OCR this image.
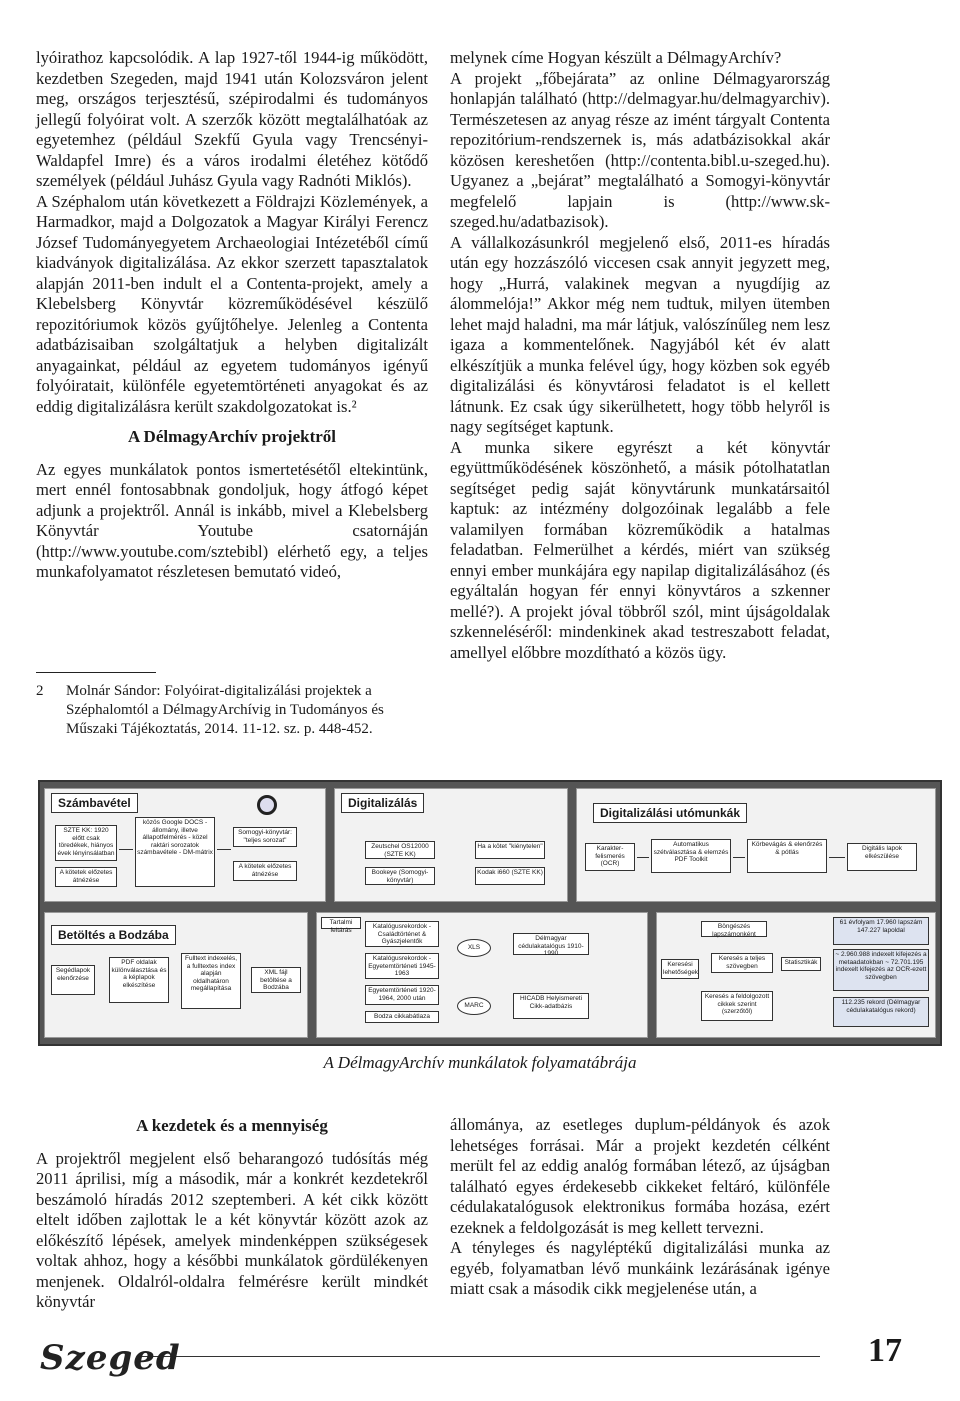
lyóirathoz kapcsolódik. A lap 1927-től 1944-ig működött, kezdetben Szegeden, majd 1941 után Kolozsváron jelent meg, országos terjesztésű, szépirodalmi és tudományos jellegű folyóirat volt. A szerzők között megtalálhatóak az egyetemhez (például Szekfű Gyula vagy Trencsényi-Waldapfel Imre) és a város irodalmi életéhez kötődő személyek (például Juhász Gyula vagy Radnóti Miklós).

A Széphalom után következett a Földrajzi Közlemények, a Harmadkor, majd a Dolgozatok a Magyar Királyi Ferencz József Tudományegyetem Archaeologiai Intézetéből című kiadványok digitalizálása. Az ekkor szerzett tapasztalatok alapján 2011-ben indult el a Contenta-projekt, amely a Klebelsberg Könyvtár közreműködésével készülő repozitóriumok közös gyűjtőhelye. Jelenleg a Contenta adatbázisaiban szolgáltatjuk a helyben digitalizált anyagainkat, például az egyetem tudományos igényű folyóiratait, különféle egyetemtörténeti anyagokat és az eddig digitalizálásra került szakdolgozatokat is.²

A DélmagyArchív projektről

Az egyes munkálatok pontos ismertetésétől eltekintünk, mert ennél fontosabbnak gondoljuk, hogy átfogó képet adjunk a projektről. Annál is inkább, mivel a Klebelsberg Könyvtár Youtube csatornáján (http://www.youtube.com/sztebibl) elérhető egy, a teljes munkafolyamatot részletesen bemutató videó,

2 Molnár Sándor: Folyóirat-digitalizálási projektek a Széphalomtól a DélmagyArchívig in Tudományos és Műszaki Tájékoztatás, 2014. 11-12. sz. p. 448-452.

melynek címe Hogyan készült a DélmagyArchív?

A projekt „főbejárata” az online Délmagyarország honlapján található (http://delmagyar.hu/delmagyarchiv). Természetesen az anyag része az imént tárgyalt Contenta repozitórium-rendszernek is, más adatbázisokkal akár közösen kereshetően (http://contenta.bibl.u-szeged.hu). Ugyanez a „bejárat” megtalálható a Somogyi-könyvtár megfelelő lapjain is (http://www.sk-szeged.hu/adatbazisok).

A vállalkozásunkról megjelenő első, 2011-es híradás után egy hozzászóló viccesen csak annyit jegyzett meg, hogy „Hurrá, valakinek megvan a nyugdíjig az álommelója!” Akkor még nem tudtuk, milyen ütemben lehet majd haladni, ma már látjuk, valószínűleg nem lesz igaza a kommentelőnek. Nagyjából két év alatt elkészítjük a munka felével úgy, hogy közben sok egyéb digitalizálási és könyvtárosi feladatot is el kellett látnunk. Ez csak úgy sikerülhetett, hogy több helyről is nagy segítséget kaptunk.

A munka sikere egyrészt a két könyvtár együttműködésének köszönhető, a másik pótolhatatlan segítséget pedig saját könyvtárunk munkatársaitól kaptuk: az intézmény dolgozóinak legalább a fele valamilyen formában közreműködik a hatalmas feladatban. Felmerülhet a kérdés, miért van szükség ennyi ember munkájára egy napilap digitalizálásához (és egyáltalán hogyan fér ennyi könyvtáros a szkenner mellé?). A projekt jóval többről szól, mint újságoldalak szkenneléséről: mindenkinek akad testreszabott feladat, amellyel előbbre mozdítható a közös ügy.

Számbavétel
SZTE KK: 1920 előtt csak töredékek, hiányos évek lényinsálatban
A kötetek előzetes átnézése
közös Google DOCS - állomány, illetve állapotfelmérés - közel raktári sorozatok számbavétele - DM-mátrix
Somogyi-könyvtár: "teljes sorozat"
A kötetek előzetes átnézése
Digitalizálás
Zeutschel OS12000 (SZTE KK)
Bookeye (Somogyi-könyvtár)
Ha a kötet "kiénytelen"
Kodak i660 (SZTE KK)
Digitalizálási utómunkák
Karakter-felismerés (OCR)
Automatikus szétválasztása & elemzés PDF Toolkit
Körbevágás & elenőrzés & pótlás	Digitális lapok elkészülése
Betöltés a Bodzába
Segédlapok elenőrzése
PDF oldalak különválasztása és a képlapok elkészítése
Fulltext indexelés, a fulltextes index alapján oldalhatáron megállapítása
XML fájl betöltése a Bodzába
Tartalmi feltárás	Katalógusrekordok - Családtörténet & Gyászjelentők
Katalógusrekordok - Egyetemtörténeti 1945-1963
Egyetemtörténeti 1920-1964, 2000 után
Bodza cikkabátlaza
XLS
MARC
Délmagyar cédulakatalógus 1910-1990
HICADB Helyismereti Cikk-adatbázis
Böngészés lapszámonként
Keresési lehetőségek
Keresés a teljes szövegben
Keresés a feldolgozott cikkek szerint (szerzőtől)
Statisztikák
61 évfolyam 17.960 lapszám 147.227 lapoldal
~ 2.960.988 indexelt kifejezés a metaadatokban ~ 72.701.195 indexelt kifejezés az OCR-ezett szövegben
112.235 rekord (Délmagyar cédulakatalógus rekord)
A DélmagyArchív munkálatok folyamatábrája
A kezdetek és a mennyiség

A projektről megjelent első beharangozó tudósítás még 2011 áprilisi, míg a második, már a konkrét kezdetekről beszámoló híradás 2012 szeptemberi. A két cikk között eltelt időben zajlottak le a két könyvtár között azok az előkészítő lépések, amelyek mindenképpen szükségesek voltak ahhoz, hogy a későbbi munkálatok gördülékenyen menjenek. Oldalról-oldalra felmérésre került mindkét könyvtár

állománya, az esetleges duplum-példányok és azok lehetséges forrásai. Már a projekt kezdetén célként merült fel az eddig analóg formában létező, az újságban található egyes érdekesebb cikkeket feltáró, különféle cédulakatalógusok elektronikus formába hozása, ezért ezeknek a feldolgozását is meg kellett tervezni.

A tényleges és nagyléptékű digitalizálási munka az egyéb, folyamatban lévő munkáink lezárásának igénye miatt csak a második cikk megjelenése után, a

Szeged	17
